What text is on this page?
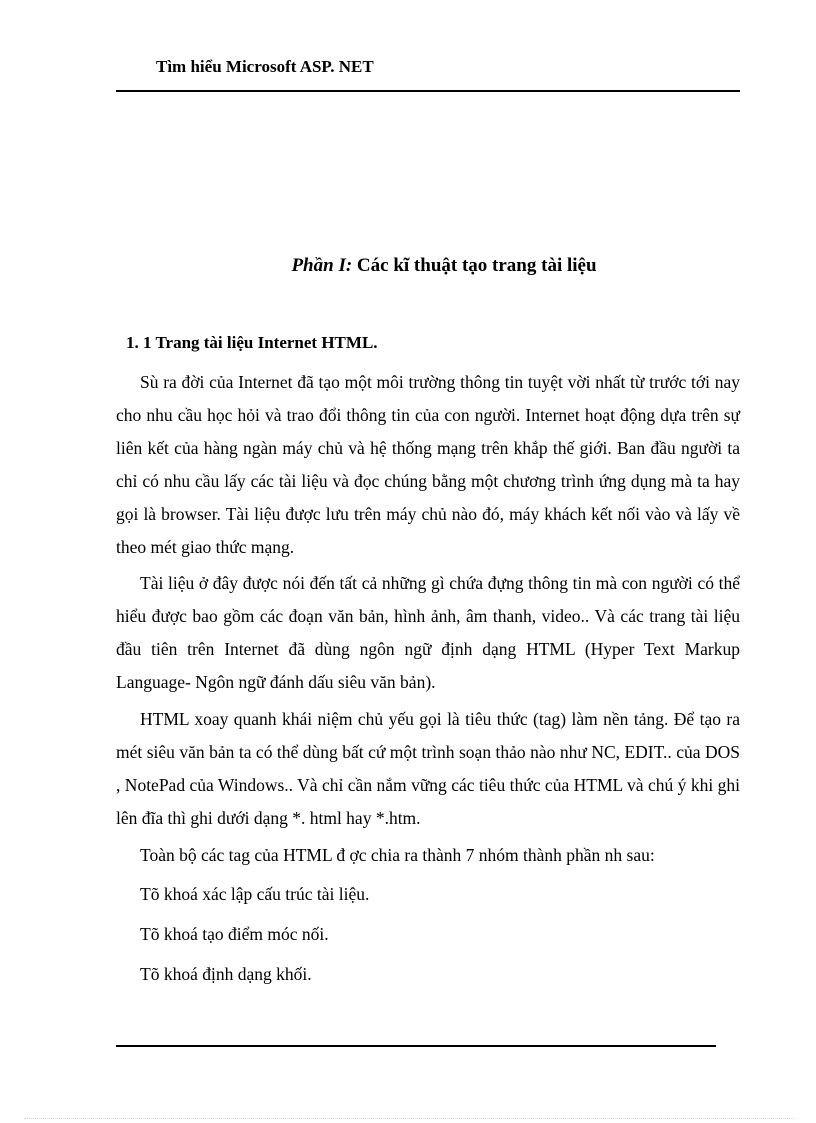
Tìm hiểu Microsoft ASP. NET
Phần I: Các kĩ thuật tạo trang tài liệu
1. 1 Trang tài liệu Internet HTML.

Sù ra đời của Internet đã tạo một môi trường thông tin tuyệt vời nhất từ trước tới nay cho nhu cầu học hỏi và trao đổi thông tin của con người. Internet hoạt động dựa trên sự liên kết của hàng ngàn máy chủ và hệ thống mạng trên khắp thế giới. Ban đầu người ta chỉ có nhu cầu lấy các tài liệu và đọc chúng bằng một chương trình ứng dụng mà ta hay gọi là browser. Tài liệu được lưu trên máy chủ nào đó, máy khách kết nối vào và lấy về theo mét giao thức mạng.

Tài liệu ở đây được nói đến tất cả những gì chứa đựng thông tin mà con người có thể hiểu được bao gồm các đoạn văn bản, hình ảnh, âm thanh, video.. Và các trang tài liệu đầu tiên trên Internet đã dùng ngôn ngữ định dạng HTML (Hyper Text Markup Language- Ngôn ngữ đánh dấu siêu văn bản).

HTML xoay quanh khái niệm chủ yếu gọi là tiêu thức (tag) làm nền tảng. Để tạo ra mét siêu văn bản ta có thể dùng bất cứ một trình soạn thảo nào như NC, EDIT.. của DOS , NotePad của Windows.. Và chỉ cần nắm vững các tiêu thức của HTML và chú ý khi ghi lên đĩa thì ghi dưới dạng *. html hay *.htm.

Toàn bộ các tag của HTML đ ợc chia ra thành 7 nhóm thành phần nh sau:
Tõ khoá xác lập cấu trúc tài liệu.
Tõ khoá tạo điểm móc nối.
Tõ khoá định dạng khối.
